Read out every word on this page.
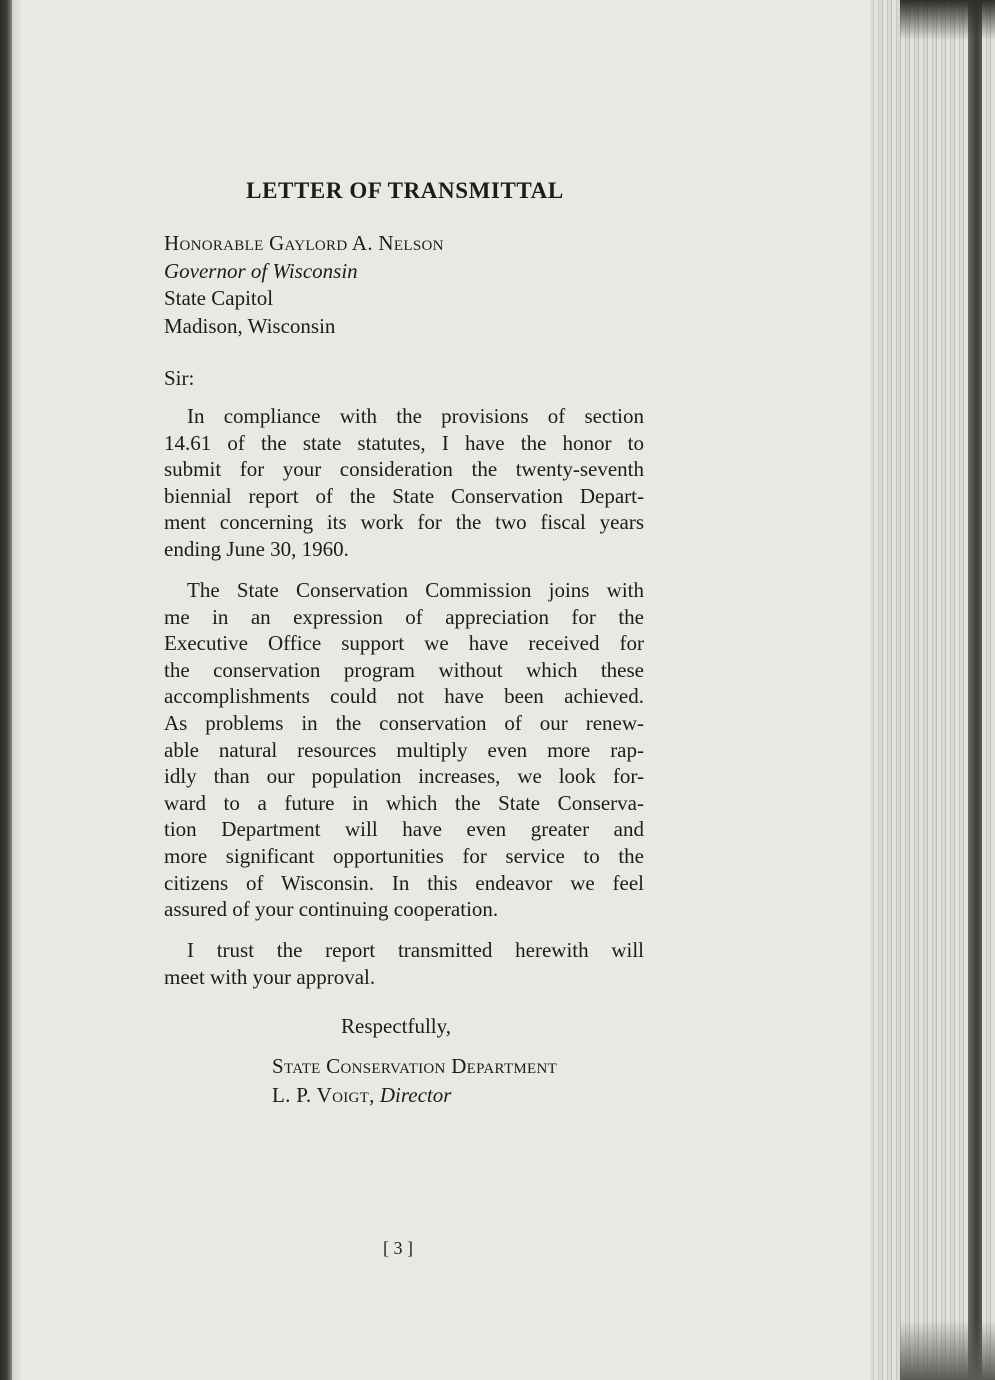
LETTER OF TRANSMITTAL
Honorable Gaylord A. Nelson
Governor of Wisconsin
State Capitol
Madison, Wisconsin
Sir:
In compliance with the provisions of section
14.61 of the state statutes, I have the honor to
submit for your consideration the twenty-seventh
biennial report of the State Conservation Depart-
ment concerning its work for the two fiscal years
ending June 30, 1960.
The State Conservation Commission joins with
me in an expression of appreciation for the
Executive Office support we have received for
the conservation program without which these
accomplishments could not have been achieved.
As problems in the conservation of our renew-
able natural resources multiply even more rap-
idly than our population increases, we look for-
ward to a future in which the State Conserva-
tion Department will have even greater and
more significant opportunities for service to the
citizens of Wisconsin. In this endeavor we feel
assured of your continuing cooperation.
I trust the report transmitted herewith will
meet with your approval.
Respectfully,
State Conservation Department
L. P. Voigt, Director
[ 3 ]
